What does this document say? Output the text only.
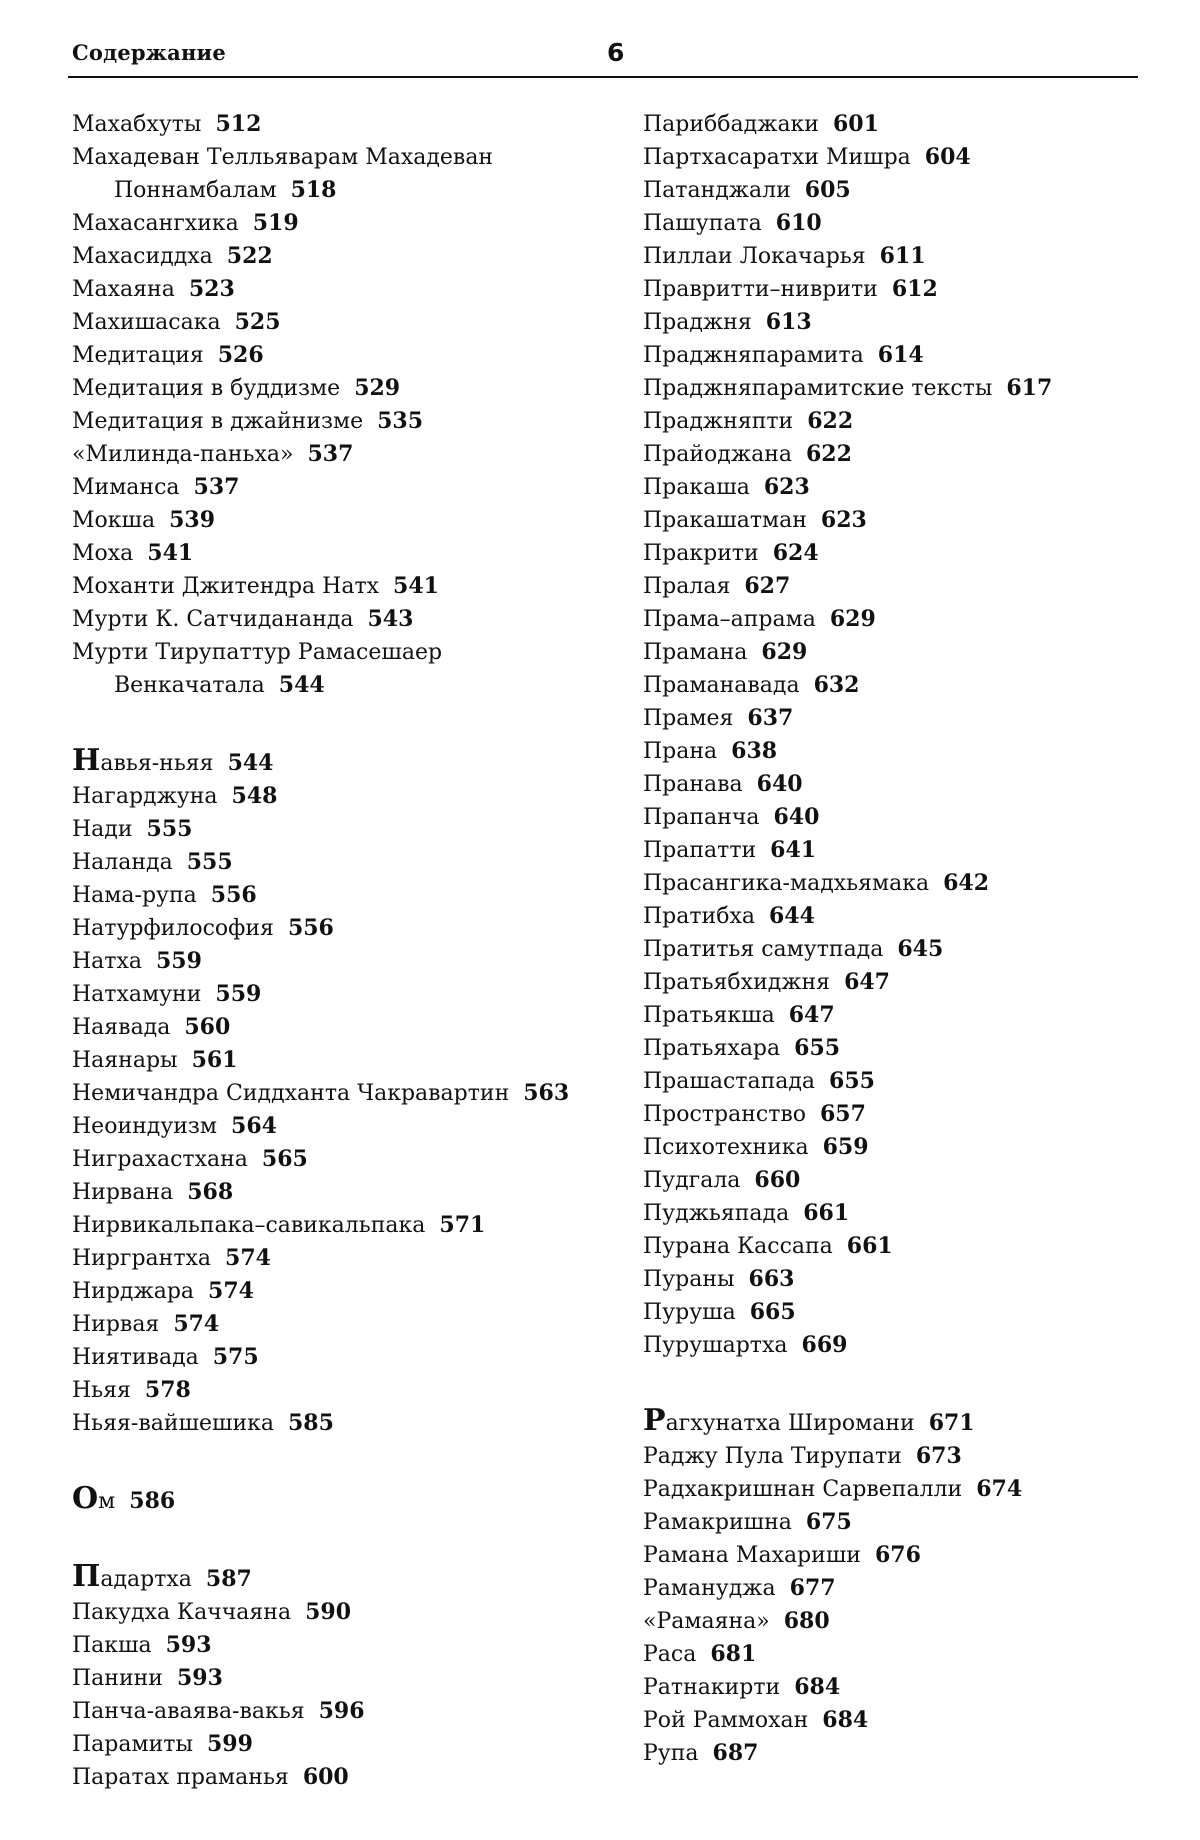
Содержание	6
Махабхуты 512
Махадеван Телльяварам Махадеван
Поннамбалам 518
Махасангхика 519
Махасиддха 522
Махаяна 523
Махишасака 525
Медитация 526
Медитация в буддизме 529
Медитация в джайнизме 535
«Милинда-паньха» 537
Миманса 537
Мокша 539
Моха 541
Моханти Джитендра Натх 541
Мурти К. Сатчидананда 543
Мурти Тирупаттур Рамасешаер
Венкачатала 544
Навья-ньяя 544
Нагарджуна 548
Нади 555
Наланда 555
Нама-рупа 556
Натурфилософия 556
Натха 559
Натхамуни 559
Наявада 560
Наянары 561
Немичандра Сиддханта Чакравартин 563
Неоиндуизм 564
Ниграхастхана 565
Нирвана 568
Нирвикальпака–савикальпака 571
Ниргрантха 574
Нирджара 574
Нирвая 574
Ниятивада 575
Ньяя 578
Ньяя-вайшешика 585
Ом 586
Падартха 587
Пакудха Каччаяна 590
Пакша 593
Панини 593
Панча-аваява-вакья 596
Парамиты 599
Паратах праманья 600
Париббаджаки 601
Партхасаратхи Мишра 604
Патанджали 605
Пашупата 610
Пиллаи Локачарья 611
Правритти–ниврити 612
Праджня 613
Праджняпарамита 614
Праджняпарамитские тексты 617
Праджняпти 622
Прайоджана 622
Пракаша 623
Пракашатман 623
Пракрити 624
Пралая 627
Прама–апрама 629
Прамана 629
Праманавада 632
Прамея 637
Прана 638
Пранава 640
Прапанча 640
Прапатти 641
Прасангика-мадхьямака 642
Пратибха 644
Пратитья самутпада 645
Пратьябхиджня 647
Пратьякша 647
Пратьяхара 655
Прашастапада 655
Пространство 657
Психотехника 659
Пудгала 660
Пуджьяпада 661
Пурана Кассапа 661
Пураны 663
Пуруша 665
Пурушартха 669
Рагхунатха Широмани 671
Раджу Пула Тирупати 673
Радхакришнан Сарвепалли 674
Рамакришна 675
Рамана Махариши 676
Рамануджа 677
«Рамаяна» 680
Раса 681
Ратнакирти 684
Рой Раммохан 684
Рупа 687
